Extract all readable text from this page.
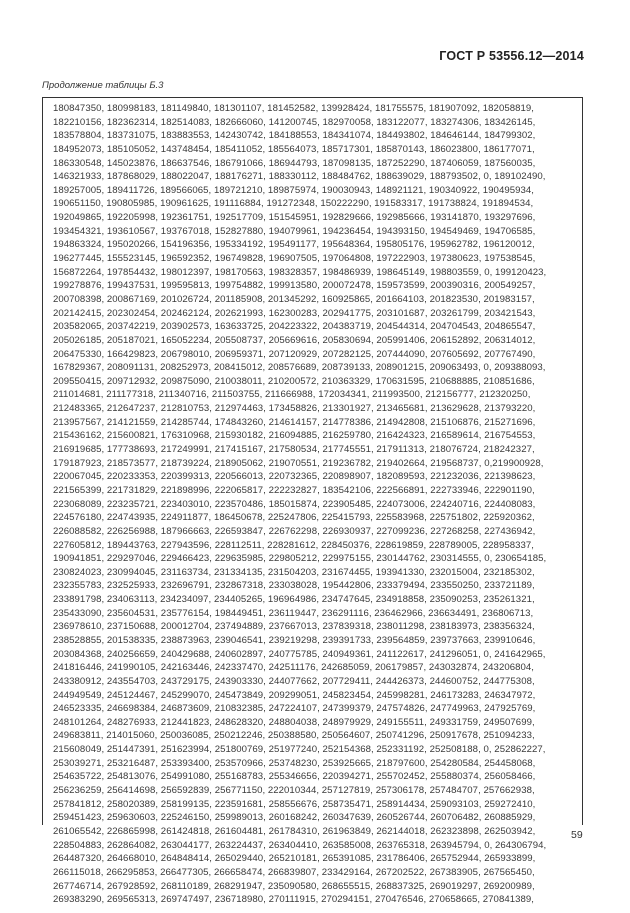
ГОСТ Р 53556.12—2014
Продолжение таблицы Б.3
180847350, 180998183, 181149840, 181301107, 181452582, 139928424, 181755575, 181907092, 182058819,
182210156, 182362314, 182514083, 182666060, 141200745, 182970058, 183122077, 183274306, 183426145,
183578804, 183731075, 183883553, 142430742, 184188553, 184341074, 184493802, 184646144, 184799302,
184952073, 185105052, 143748454, 185411052, 185564073, 185717301, 185870143, 186023800, 186177071,
186330548, 145023876, 186637546, 186791066, 186944793, 187098135, 187252290, 187406059, 187560035,
146321933, 187868029, 188022047, 188176271, 188330112, 188484762, 188639029, 188793502, 0, 189102490,
189257005, 189411726, 189566065, 189721210, 189875974, 190030943, 148921121, 190340922, 190495934,
190651150, 190805985, 190961625, 191116884, 191272348, 150222290, 191583317, 191738824, 191894534,
192049865, 192205998, 192361751, 192517709, 151545951, 192829666, 192985666, 193141870, 193297696,
193454321, 193610567, 193767018, 152827880, 194079961, 194236454, 194393150, 194549469, 194706585,
194863324, 195020266, 154196356, 195334192, 195491177, 195648364, 195805176, 195962782, 196120012,
196277445, 155523145, 196592352, 196749828, 196907505, 197064808, 197222903, 197380623, 197538545,
156872264, 197854432, 198012397, 198170563, 198328357, 198486939, 198645149, 198803559, 0, 199120423,
199278876, 199437531, 199595813, 199754882, 199913580, 200072478, 159573599, 200390316, 200549257,
200708398, 200867169, 201026724, 201185908, 201345292, 160925865, 201664103, 201823530, 201983157,
202142415, 202302454, 202462124, 202621993, 162300283, 202941775, 203101687, 203261799, 203421543,
203582065, 203742219, 203902573, 163633725, 204223322, 204383719, 204544314, 204704543, 204865547,
205026185, 205187021, 165052234, 205508737, 205669616, 205830694, 205991406, 206152892, 206314012,
206475330, 166429823, 206798010, 206959371, 207120929, 207282125, 207444090, 207605692, 207767490,
167829367, 208091131, 208252973, 208415012, 208576689, 208739133, 208901215, 209063493, 0, 209388093,
209550415, 209712932, 209875090, 210038011, 210200572, 210363329, 170631595, 210688885, 210851686,
211014681, 211177318, 211340716, 211503755, 211666988, 172034341, 211993500, 212156777, 212320250,
212483365, 212647237, 212810753, 212974463, 173458826, 213301927, 213465681, 213629628, 213793220,
213957567, 214121559, 214285744, 174843260, 214614157, 214778386, 214942808, 215106876, 215271696,
215436162, 215600821, 176310968, 215930182, 216094885, 216259780, 216424323, 216589614, 216754553,
216919685, 177738693, 217249991, 217415167, 217580534, 217745551, 217911313, 218076724, 218242327,
179187923, 218573577, 218739224, 218905062, 219070551, 219236782, 219402664, 219568737, 0,219900928,
220067045, 220233353, 220399313, 220566013, 220732365, 220898907, 182089593, 221232036, 221398623,
221565399, 221731829, 221898996, 222065817, 222232827, 183542106, 222566891, 222733946, 222901190,
223068089, 223235721, 223403010, 223570486, 185015874, 223905485, 224073006, 224240716, 224408083,
224576180, 224743935, 224911877, 186450678, 225247806, 225415793, 225583968, 225751802, 225920362,
226088582, 226256988, 187966663, 226593847, 226762298, 226930937, 227099236, 227268258, 227436942,
227605812, 189443763, 227943596, 228112511, 228281612, 228450376, 228619859, 228789005, 228958337,
190941851, 229297046, 229466423, 229635985, 229805212, 229975155, 230144762, 230314555, 0, 230654185,
230824023, 230994045, 231163734, 231334135, 231504203, 231674455, 193941330, 232015004, 232185302,
232355783, 232525933, 232696791, 232867318, 233038028, 195442806, 233379494, 233550250, 233721189,
233891798, 234063113, 234234097, 234405265, 196964986, 234747645, 234918858, 235090253, 235261321,
235433090, 235604531, 235776154, 198449451, 236119447, 236291116, 236462966, 236634491, 236806713,
236978610, 237150688, 200012704, 237494889, 237667013, 237839318, 238011298, 238183973, 238356324,
238528855, 201538335, 238873963, 239046541, 239219298, 239391733, 239564859, 239737663, 239910646,
203084368, 240256659, 240429688, 240602897, 240775785, 240949361, 241122617, 241296051, 0, 241642965,
241816446, 241990105, 242163446, 242337470, 242511176, 242685059, 206179857, 243032874, 243206804,
243380912, 243554703, 243729175, 243903330, 244077662, 207729411, 244426373, 244600752, 244775308,
244949549, 245124467, 245299070, 245473849, 209299051, 245823454, 245998281, 246173283, 246347972,
246523335, 246698384, 246873609, 210832385, 247224107, 247399379, 247574826, 247749963, 247925769,
248101264, 248276933, 212441823, 248628320, 248804038, 248979929, 249155511, 249331759, 249507699,
249683811, 214015060, 250036085, 250212246, 250388580, 250564607, 250741296, 250917678, 251094233,
215608049, 251447391, 251623994, 251800769, 251977240, 252154368, 252331192, 252508188, 0, 252862227,
253039271, 253216487, 253393400, 253570966, 253748230, 253925665, 218797600, 254280584, 254458068,
254635722, 254813076, 254991080, 255168783, 255346656, 220394271, 255702452, 255880374, 256058466,
256236259, 256414698, 256592839, 256771150, 222010344, 257127819, 257306178, 257484707, 257662938,
257841812, 258020389, 258199135, 223591681, 258556676, 258735471, 258914434, 259093103, 259272410,
259451423, 259630603, 225246150, 259989013, 260168242, 260347639, 260526744, 260706482, 260885929,
261065542, 226865998, 261424818, 261604481, 261784310, 261963849, 262144018, 262323898, 262503942,
228504883, 262864082, 263044177, 263224437, 263404410, 263585008, 263765318, 263945794, 0, 264306794,
264487320, 264668010, 264848414, 265029440, 265210181, 265391085, 231786406, 265752944, 265933899,
266115018, 266295853, 266477305, 266658474, 266839807, 233429164, 267202522, 267383905, 267565450,
267746714, 267928592, 268110189, 268291947, 235090580, 268655515, 268837325, 269019297, 269200989,
269383290, 269565313, 269747497, 236718980, 270111915, 270294151, 270476546, 270658665, 270841389,
59
